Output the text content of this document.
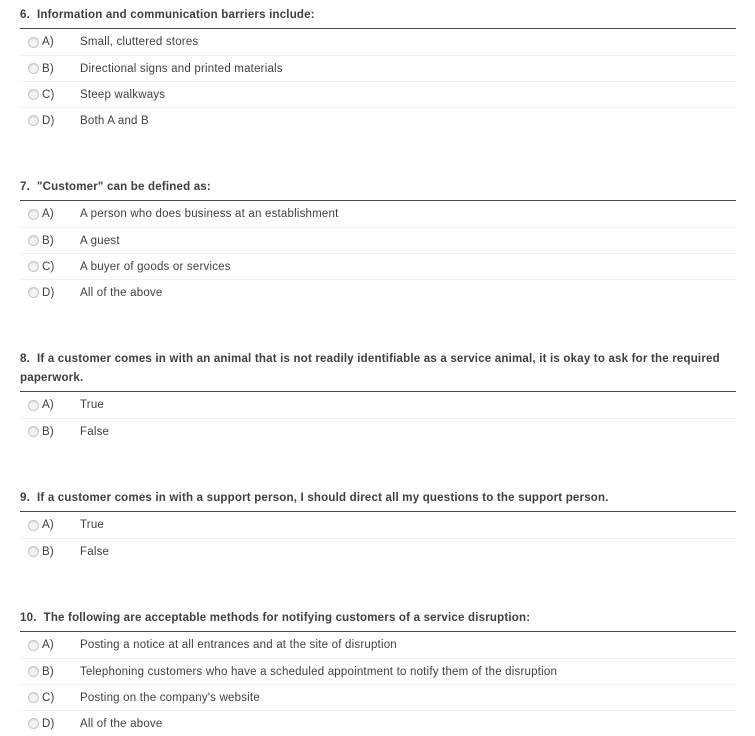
6. Information and communication barriers include:
A)	Small, cluttered stores
B)	Directional signs and printed materials
C)	Steep walkways
D)	Both A and B
7. "Customer" can be defined as:
A)	A person who does business at an establishment
B)	A guest
C)	A buyer of goods or services
D)	All of the above
8. If a customer comes in with an animal that is not readily identifiable as a service animal, it is okay to ask for the required paperwork.
A)	True
B)	False
9. If a customer comes in with a support person, I should direct all my questions to the support person.
A)	True
B)	False
10. The following are acceptable methods for notifying customers of a service disruption:
A)	Posting a notice at all entrances and at the site of disruption
B)	Telephoning customers who have a scheduled appointment to notify them of the disruption
C)	Posting on the company's website
D)	All of the above
